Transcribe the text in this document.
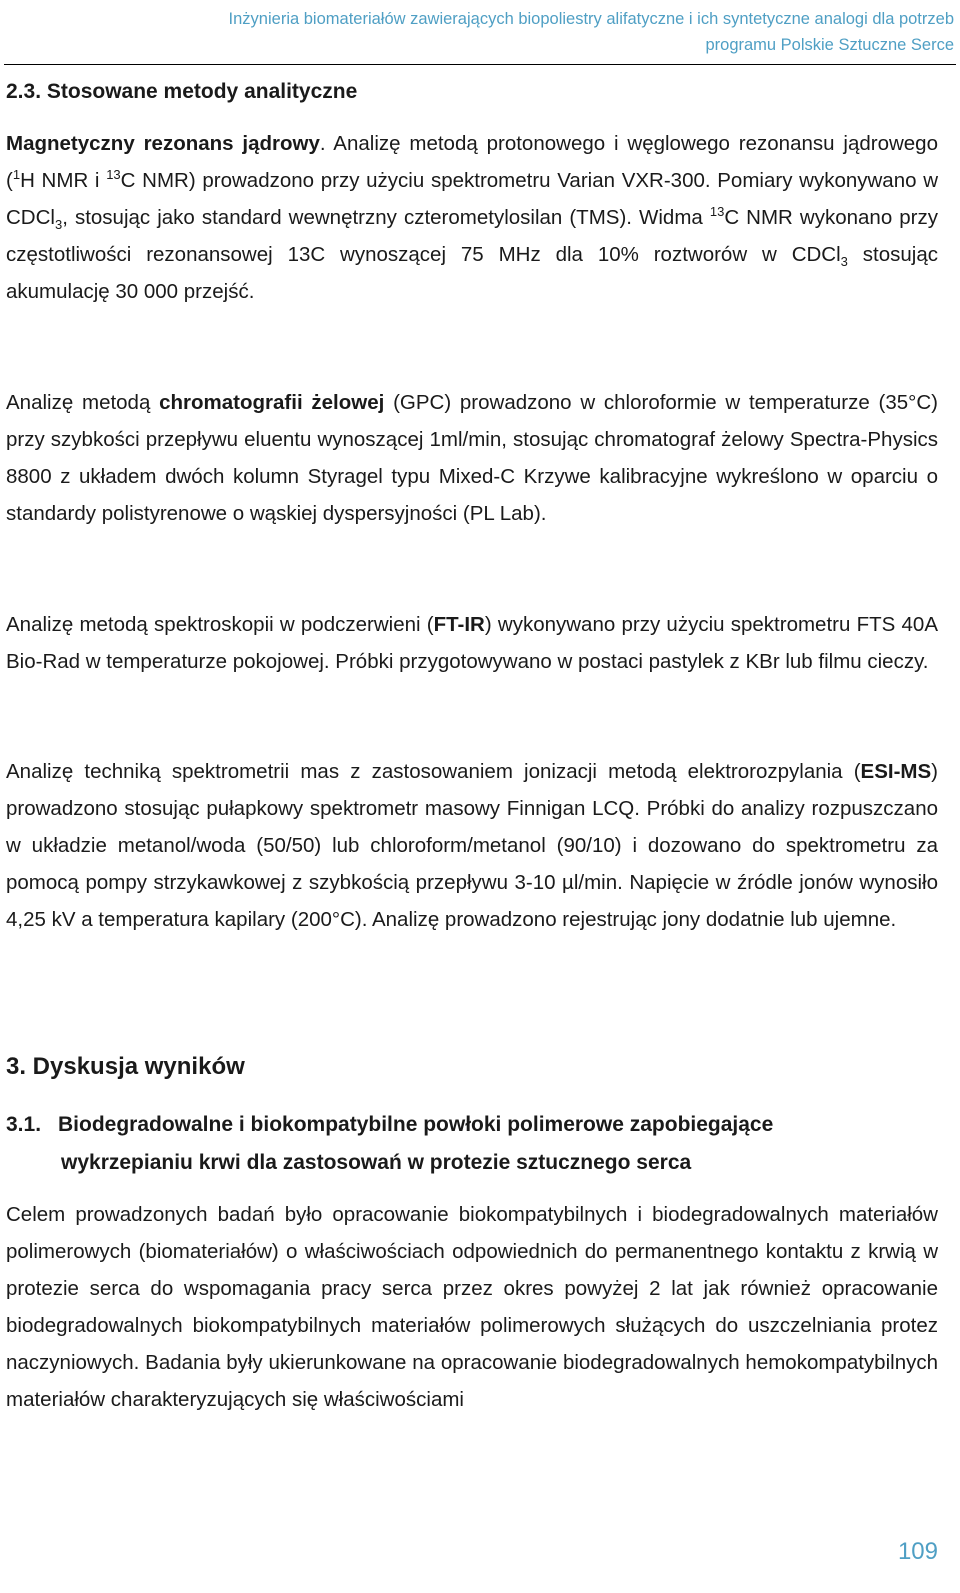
Inżynieria biomateriałów zawierających biopoliestry alifatyczne i ich syntetyczne analogi dla potrzeb
programu Polskie Sztuczne Serce
2.3. Stosowane metody analityczne
Magnetyczny rezonans jądrowy. Analizę metodą protonowego i węglowego rezonansu jądrowego ($^1$H NMR i $^{13}$C NMR) prowadzono przy użyciu spektrometru Varian VXR-300. Pomiary wykonywano w CDCl$_3$, stosując jako standard wewnętrzny czterometylosilan (TMS). Widma $^{13}$C NMR wykonano przy częstotliwości rezonansowej 13C wynoszącej 75 MHz dla 10% roztworów w CDCl$_3$ stosując akumulację 30 000 przejść.
Analizę metodą chromatografii żelowej (GPC) prowadzono w chloroformie w temperaturze (35°C) przy szybkości przepływu eluentu wynoszącej 1ml/min, stosując chromatograf żelowy Spectra-Physics 8800 z układem dwóch kolumn Styragel typu Mixed-C Krzywe kalibracyjne wykreślono w oparciu o standardy polistyrenowe o wąskiej dyspersyjności (PL Lab).
Analizę metodą spektroskopii w podczerwieni (FT-IR) wykonywano przy użyciu spektrometru FTS 40A Bio-Rad w temperaturze pokojowej. Próbki przygotowywano w postaci pastylek z KBr lub filmu cieczy.
Analizę techniką spektrometrii mas z zastosowaniem jonizacji metodą elektrorozpylania (ESI-MS) prowadzono stosując pułapkowy spektrometr masowy Finnigan LCQ. Próbki do analizy rozpuszczano w układzie metanol/woda (50/50) lub chloroform/metanol (90/10) i dozowano do spektrometru za pomocą pompy strzykawkowej z szybkością przepływu 3-10 µl/min. Napięcie w źródle jonów wynosiło 4,25 kV a temperatura kapilary (200°C). Analizę prowadzono rejestrując jony dodatnie lub ujemne.
3. Dyskusja wyników
3.1. Biodegradowalne i biokompatybilne powłoki polimerowe zapobiegające
wykrzepianiu krwi dla zastosowań w protezie sztucznego serca
Celem prowadzonych badań było opracowanie biokompatybilnych i biodegradowalnych materiałów polimerowych (biomateriałów) o właściwościach odpowiednich do permanentnego kontaktu z krwią w protezie serca do wspomagania pracy serca przez okres powyżej 2 lat jak również opracowanie biodegradowalnych biokompatybilnych materiałów polimerowych służących do uszczelniania protez naczyniowych. Badania były ukierunkowane na opracowanie biodegradowalnych hemokompatybilnych materiałów charakteryzujących się właściwościami
109
